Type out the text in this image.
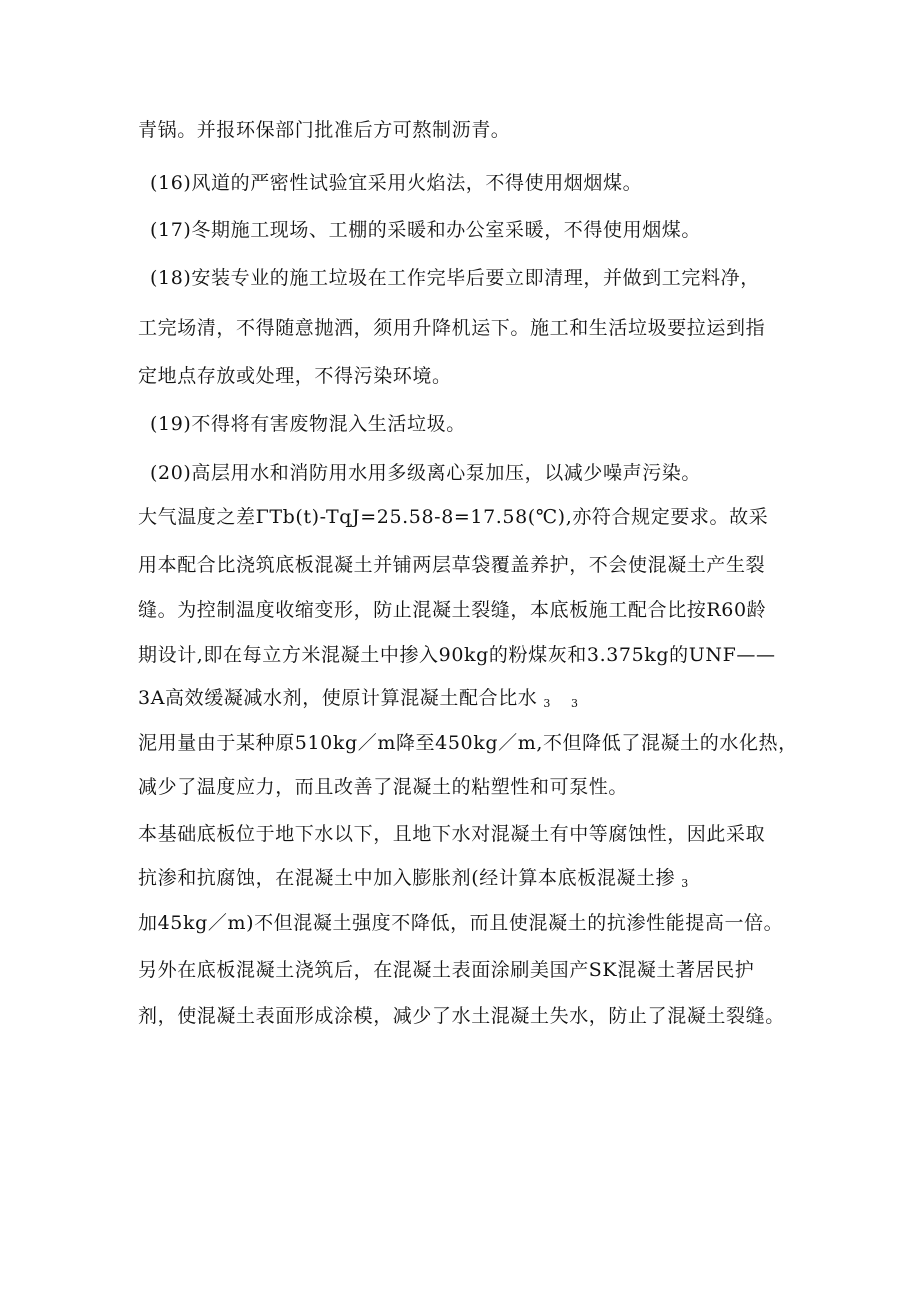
青锅。并报环保部门批准后方可熬制沥青。
(16)风道的严密性试验宜采用火焰法，不得使用烟烟煤。
(17)冬期施工现场、工棚的采暖和办公室采暖，不得使用烟煤。
(18)安装专业的施工垃圾在工作完毕后要立即清理，并做到工完料净，
工完场清，不得随意抛洒，须用升降机运下。施工和生活垃圾要拉运到指
定地点存放或处理，不得污染环境。
(19)不得将有害废物混入生活垃圾。
(20)高层用水和消防用水用多级离心泵加压，以减少噪声污染。
大气温度之差ΓTb(t)-TqJ=25.58-8=17.58(℃),亦符合规定要求。故采
用本配合比浇筑底板混凝土并铺两层草袋覆盖养护，不会使混凝土产生裂
缝。为控制温度收缩变形，防止混凝土裂缝，本底板施工配合比按R60龄
期设计,即在每立方米混凝土中掺入90kg的粉煤灰和3.375kg的UNF——
3A高效缓凝减水剂，使原计算混凝土配合比水 3 3
泥用量由于某种原510kg／m降至450kg／m,不但降低了混凝土的水化热，
减少了温度应力，而且改善了混凝土的粘塑性和可泵性。
本基础底板位于地下水以下，且地下水对混凝土有中等腐蚀性，因此采取
抗渗和抗腐蚀，在混凝土中加入膨胀剂(经计算本底板混凝土掺 3
加45kg／m)不但混凝土强度不降低，而且使混凝土的抗渗性能提高一倍。
另外在底板混凝土浇筑后，在混凝土表面涂刷美国产SK混凝土著居民护
剂，使混凝土表面形成涂模，减少了水土混凝土失水，防止了混凝土裂缝。
